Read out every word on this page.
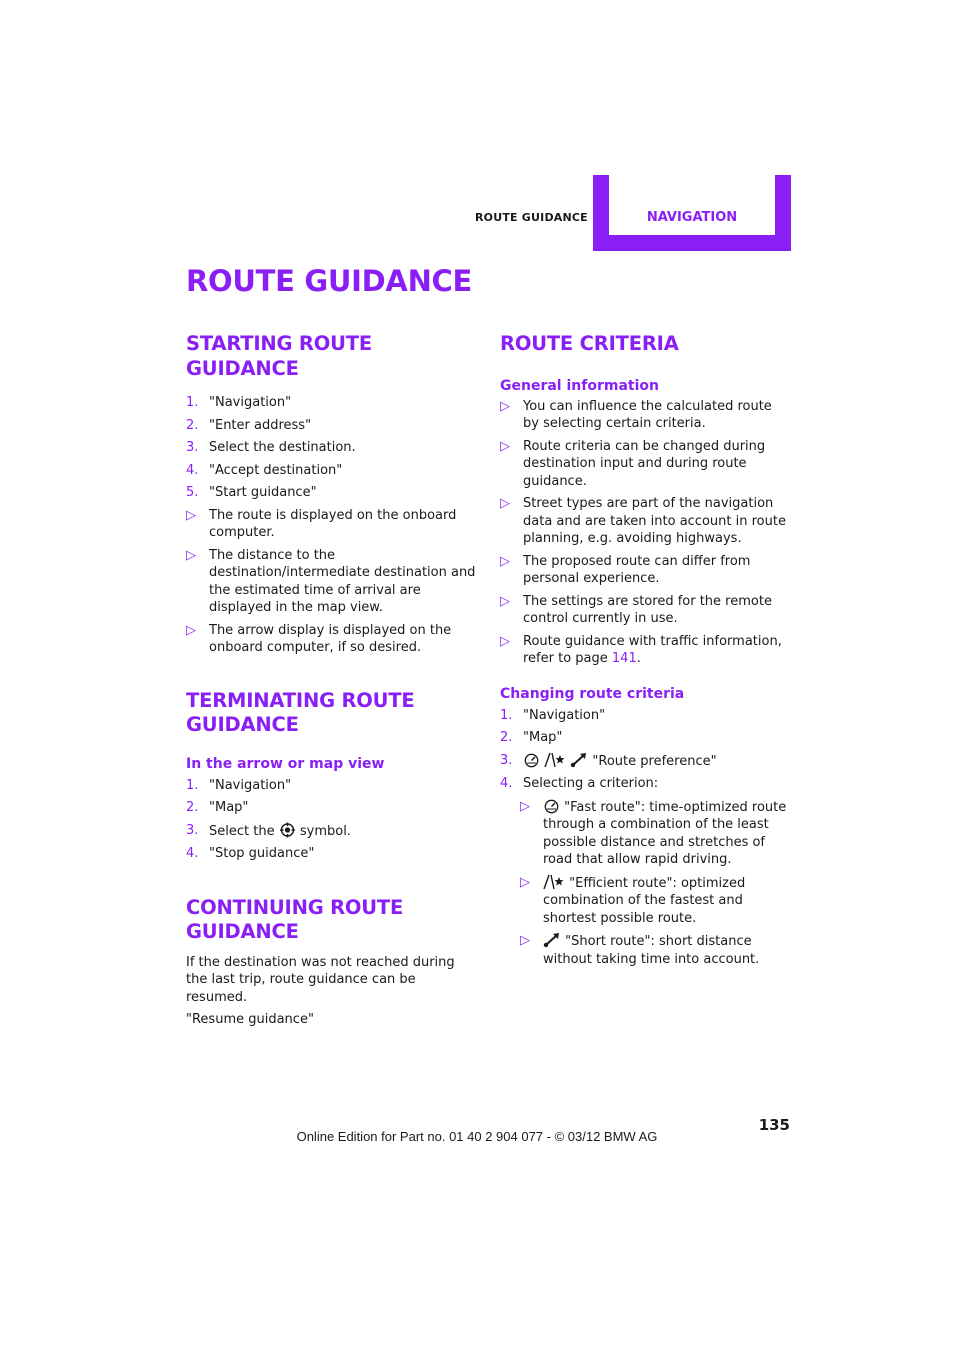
ROUTE GUIDANCE	NAVIGATION
ROUTE GUIDANCE
STARTING ROUTE GUIDANCE
1. "Navigation"
2. "Enter address"
3. Select the destination.
4. "Accept destination"
5. "Start guidance"
▷ The route is displayed on the onboard computer.
▷ The distance to the destination/intermediate destination and the estimated time of arrival are displayed in the map view.
▷ The arrow display is displayed on the onboard computer, if so desired.
TERMINATING ROUTE
GUIDANCE
In the arrow or map view
1. "Navigation"
2. "Map"
3. Select the symbol.
4. "Stop guidance"
CONTINUING ROUTE
GUIDANCE

If the destination was not reached during the last trip, route guidance can be resumed.

"Resume guidance"

ROUTE CRITERIA
General information
▷ You can influence the calculated route by selecting certain criteria.
▷ Route criteria can be changed during destination input and during route guidance.
▷ Street types are part of the navigation data and are taken into account in route planning, e.g. avoiding highways.
▷ The proposed route can differ from personal experience.
▷ The settings are stored for the remote control currently in use.
▷ Route guidance with traffic information, refer to page 141.
Changing route criteria
1. "Navigation"
2. "Map"
3.	"Route preference"
4. Selecting a criterion:
▷	"Fast route": time-optimized route through a combination of the least possible distance and stretches of road that allow rapid driving.
▷	"Efficient route": optimized combination of the fastest and shortest possible route.
▷	"Short route": short distance without taking time into account.
135
Online Edition for Part no. 01 40 2 904 077 - © 03/12 BMW AG
